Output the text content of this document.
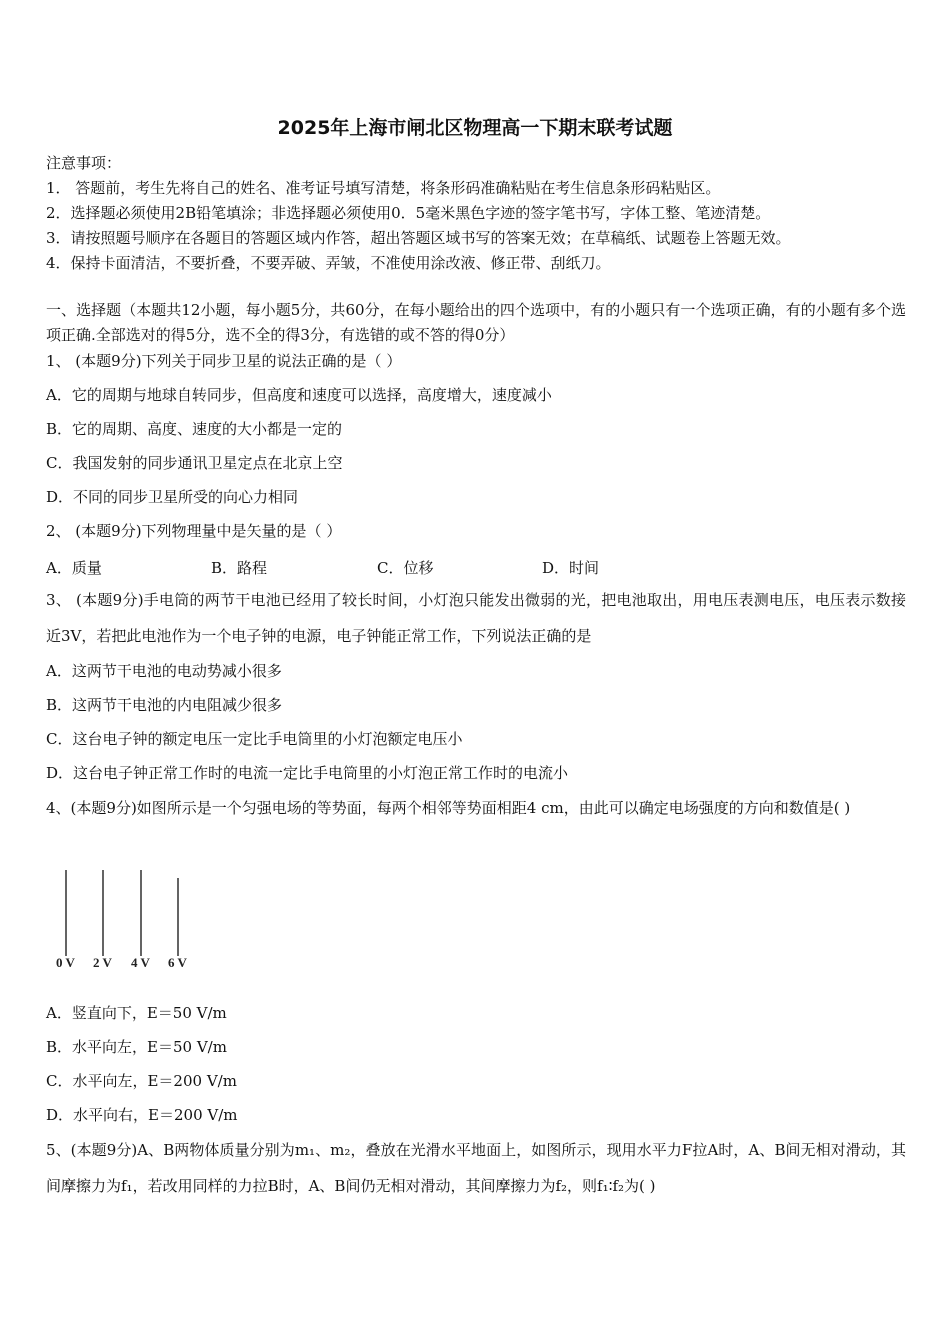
2025年上海市闸北区物理高一下期末联考试题
注意事项：
1． 答题前，考生先将自己的姓名、准考证号填写清楚，将条形码准确粘贴在考生信息条形码粘贴区。
2．选择题必须使用2B铅笔填涂；非选择题必须使用0．5毫米黑色字迹的签字笔书写，字体工整、笔迹清楚。
3．请按照题号顺序在各题目的答题区域内作答，超出答题区域书写的答案无效；在草稿纸、试题卷上答题无效。
4．保持卡面清洁，不要折叠，不要弄破、弄皱，不准使用涂改液、修正带、刮纸刀。
一、选择题（本题共12小题，每小题5分，共60分，在每小题给出的四个选项中，有的小题只有一个选项正确，有的小题有多个选项正确.全部选对的得5分，选不全的得3分，有选错的或不答的得0分）
1、 (本题9分)下列关于同步卫星的说法正确的是（ ）
A．它的周期与地球自转同步，但高度和速度可以选择，高度增大，速度减小
B．它的周期、高度、速度的大小都是一定的
C．我国发射的同步通讯卫星定点在北京上空
D．不同的同步卫星所受的向心力相同
2、 (本题9分)下列物理量中是矢量的是（ ）
A．质量	B．路程	C．位移	D．时间
3、 (本题9分)手电筒的两节干电池已经用了较长时间，小灯泡只能发出微弱的光，把电池取出，用电压表测电压，电压表示数接近3V，若把此电池作为一个电子钟的电源，电子钟能正常工作，下列说法正确的是
A．这两节干电池的电动势减小很多
B．这两节干电池的内电阻减少很多
C．这台电子钟的额定电压一定比手电筒里的小灯泡额定电压小
D．这台电子钟正常工作时的电流一定比手电筒里的小灯泡正常工作时的电流小
4、(本题9分)如图所示是一个匀强电场的等势面，每两个相邻等势面相距4 cm，由此可以确定电场强度的方向和数值是( )
0 V 2 V 4 V 6 V
A．竖直向下，E＝50 V/m
B．水平向左，E＝50 V/m
C．水平向左，E＝200 V/m
D．水平向右，E＝200 V/m
5、(本题9分)A、B两物体质量分别为m₁、m₂，叠放在光滑水平地面上，如图所示，现用水平力F拉A时，A、B间无相对滑动，其间摩擦力为f₁，若改用同样的力拉B时，A、B间仍无相对滑动，其间摩擦力为f₂，则f₁∶f₂为( )
